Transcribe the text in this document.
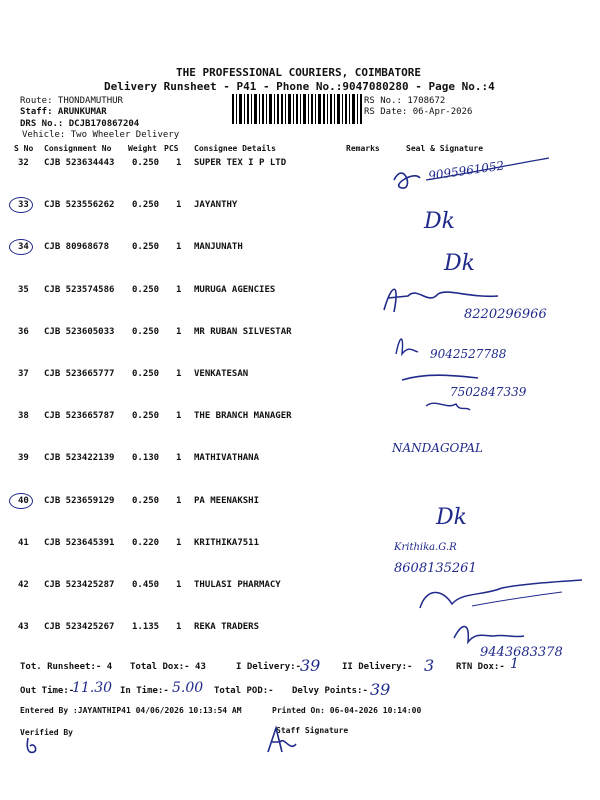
THE PROFESSIONAL COURIERS, COIMBATORE
Delivery Runsheet - P41 - Phone No.:9047080280 - Page No.:4
Route: THONDAMUTHUR
Staff: ARUNKUMAR
DRS No.: DCJB170867204
Vehicle: Two Wheeler Delivery
RS No.: 1708672
RS Date: 06-Apr-2026
S No Consignment No Weight PCS Consignee Details	Remarks	Seal & Signature
32 CJB 523634443 0.250 1 SUPER TEX I P LTD
33 CJB 523556262 0.250 1 JAYANTHY
34 CJB 80968678	0.250 1 MANJUNATH
35 CJB 523574586 0.250 1 MURUGA AGENCIES
36 CJB 523605033 0.250 1 MR RUBAN SILVESTAR
37 CJB 523665777 0.250 1 VENKATESAN
38 CJB 523665787 0.250 1 THE BRANCH MANAGER
39 CJB 523422139 0.130 1 MATHIVATHANA
40 CJB 523659129 0.250 1 PA MEENAKSHI
41 CJB 523645391 0.220 1 KRITHIKA7511
42 CJB 523425287 0.450 1 THULASI PHARMACY
43 CJB 523425267 1.135 1 REKA TRADERS
9095961052
Dk
Dk
8220296966
9042527788
7502847339
NANDAGOPAL
Dk
Krithika.G.R
8608135261
9443683378
Tot. Runsheet:- 4 Total Dox:- 43	I Delivery:-
39 II Delivery:- 3 RTN Dox:- 1
Out Time:-
11.30 In Time:- 5.00 Total POD:- Delvy Points:- 39
Entered By :JAYANTHIP41 04/06/2026 10:13:54 AM	Printed On: 06-04-2026 10:14:00
Verified By	Staff Signature
